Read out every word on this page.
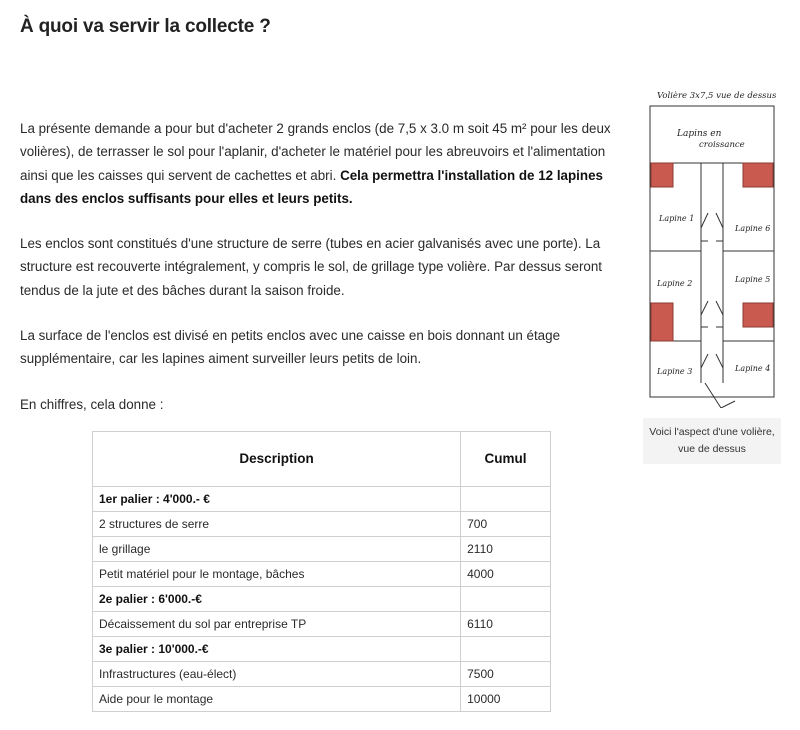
À quoi va servir la collecte ?

La présente demande a pour but d'acheter 2 grands enclos (de 7,5 x 3.0 m soit 45 m² pour les deux volières), de terrasser le sol pour l'aplanir, d'acheter le matériel pour les abreuvoirs et l'alimentation ainsi que les caisses qui servent de cachettes et abri. Cela permettra l'installation de 12 lapines dans des enclos suffisants pour elles et leurs petits.

Les enclos sont constitués d'une structure de serre (tubes en acier galvanisés avec une porte). La structure est recouverte intégralement, y compris le sol, de grillage type volière. Par dessus seront tendus de la jute et des bâches durant la saison froide.

La surface de l'enclos est divisé en petits enclos avec une caisse en bois donnant un étage supplémentaire, car les lapines aiment surveiller leurs petits de loin.

En chiffres, cela donne :

Volière 3x7,5 vue de dessus
Lapins en
croissance
Lapine 1
Lapine 6
Lapine 2	Lapine 5
Lapine 3	Lapine 4
Voici l'aspect d'une volière, vue de dessus
Description	Cumul
1er palier : 4'000.- €	
2 structures de serre	700
le grillage	2110
Petit matériel pour le montage, bâches	4000
2e palier : 6'000.-€	
Décaissement du sol par entreprise TP	6110
3e palier : 10'000.-€	
Infrastructures (eau-élect)	7500
Aide pour le montage	10000
